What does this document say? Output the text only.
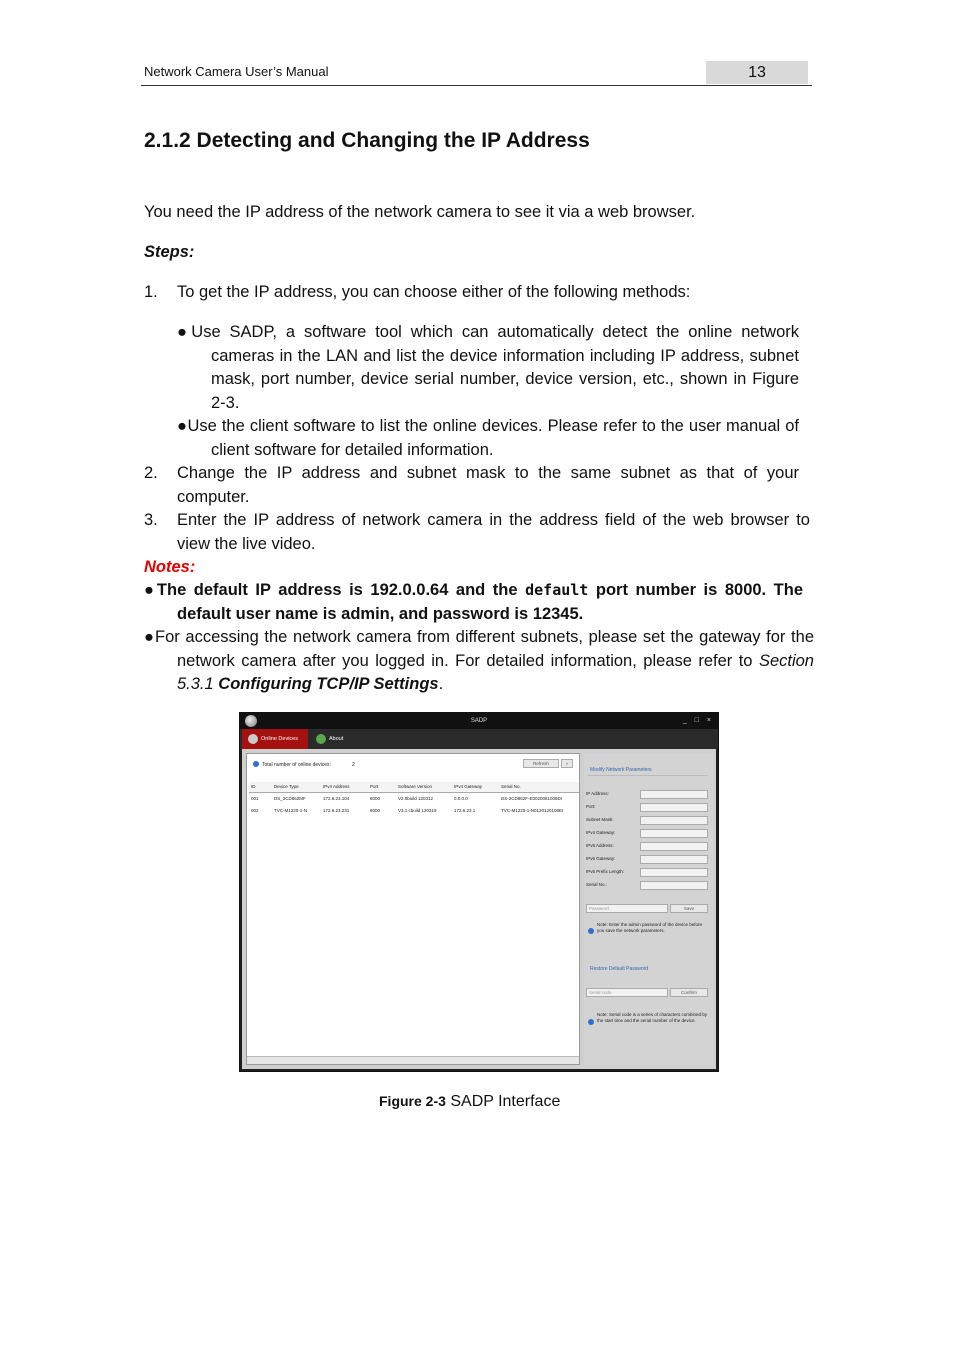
Network Camera User’s Manual	13
2.1.2 Detecting and Changing the IP Address
You need the IP address of the network camera to see it via a web browser.
Steps:
1. To get the IP address, you can choose either of the following methods:
●Use SADP, a software tool which can automatically detect the online network cameras in the LAN and list the device information including IP address, subnet mask, port number, device serial number, device version, etc., shown in Figure 2-3.
●Use the client software to list the online devices. Please refer to the user manual of client software for detailed information.
2. Change the IP address and subnet mask to the same subnet as that of your computer.
3. Enter the IP address of network camera in the address field of the web browser to view the live video.
Notes:
●The default IP address is 192.0.0.64 and the default port number is 8000. The default user name is admin, and password is 12345.
●For accessing the network camera from different subnets, please set the gateway for the network camera after you logged in. For detailed information, please refer to Section 5.3.1 Configuring TCP/IP Settings.
SADP	_ □ ×
Online Devices	About
Total number of online devices:	2	Refresh	»
ID	Device Type	IPv4 Address	Port	Software Version	IPv4 Gateway	Serial No.
001	DS_2CD862MF	172.6.23.104	8000	V2.0build 120312	0.0.0.0	DS-2CD862F-E0020081008DI
002	TVC-M1220-1-N	172.6.23.231	8000	V3.1.cbuild 120319	172.6.23.1	TVC-M1220-1-N0120120108EI
Modify Network Parameters
IP Address:
Port:
Subnet Mask:
IPv4 Gateway:
IPv6 Address:
IPv6 Gateway:
IPv6 Prefix Length:
Serial No.:
Password	Save
Note: Enter the admin password of the device before you save the network parameters.
Restore Default Password
Serial code	Confirm
Note: Serial code is a series of characters combined by the start time and the serial number of the device.
Figure 2-3 SADP Interface
